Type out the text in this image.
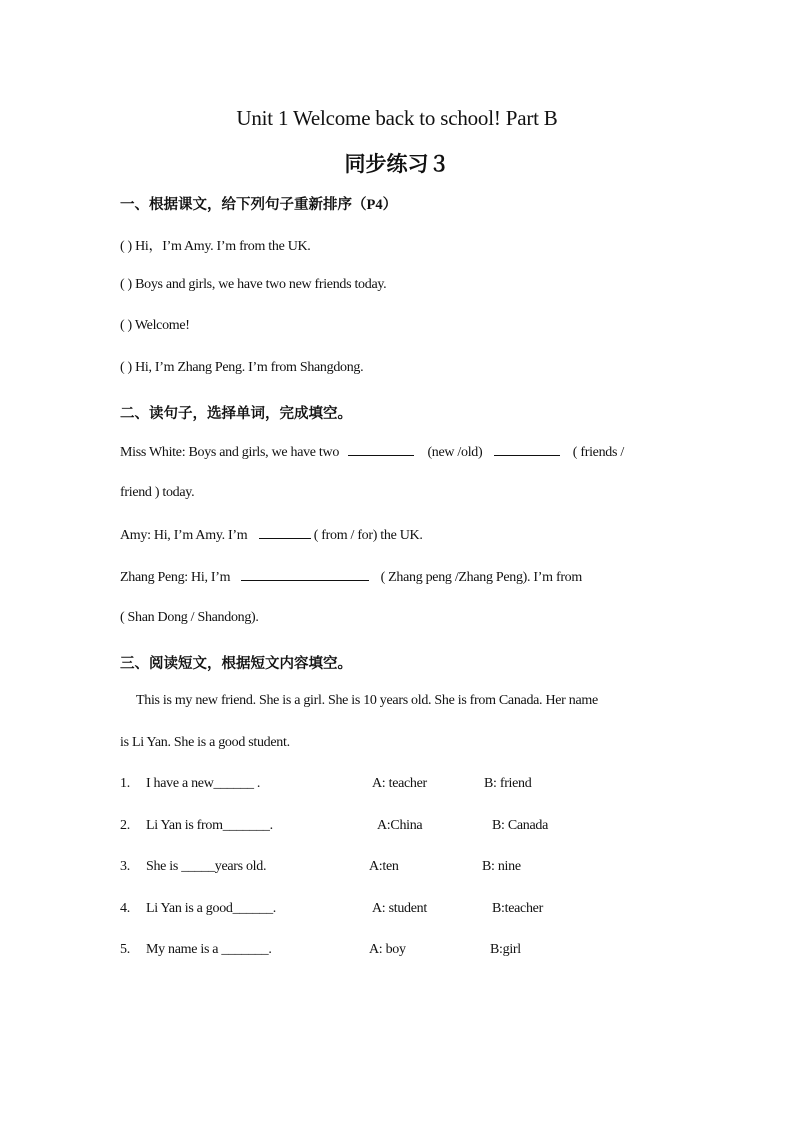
Unit 1 Welcome back to school! Part B
同步练习３
一、根据课文，给下列句子重新排序（P4）
( ) Hi，I’m Amy. I’m from the UK.
( ) Boys and girls, we have two new friends today.
( ) Welcome!
( ) Hi, I’m Zhang Peng. I’m from Shangdong.
二、读句子，选择单词，完成填空。
Miss White: Boys and girls, we have two	(new /old)	( friends /
friend ) today.
Amy: Hi, I’m Amy. I’m	( from / for) the UK.
Zhang Peng: Hi, I’m	( Zhang peng /Zhang Peng). I’m from
( Shan Dong / Shandong).
三、阅读短文，根据短文内容填空。
This is my new friend. She is a girl. She is 10 years old. She is from Canada. Her name
is Li Yan. She is a good student.
1. I have a new______ .	A: teacher	B: friend
2. Li Yan is from_______.	A:China	B: Canada
3. She is _____years old.	A:ten	B: nine
4. Li Yan is a good______.	A: student	B:teacher
5. My name is a _______.	A: boy	B:girl
